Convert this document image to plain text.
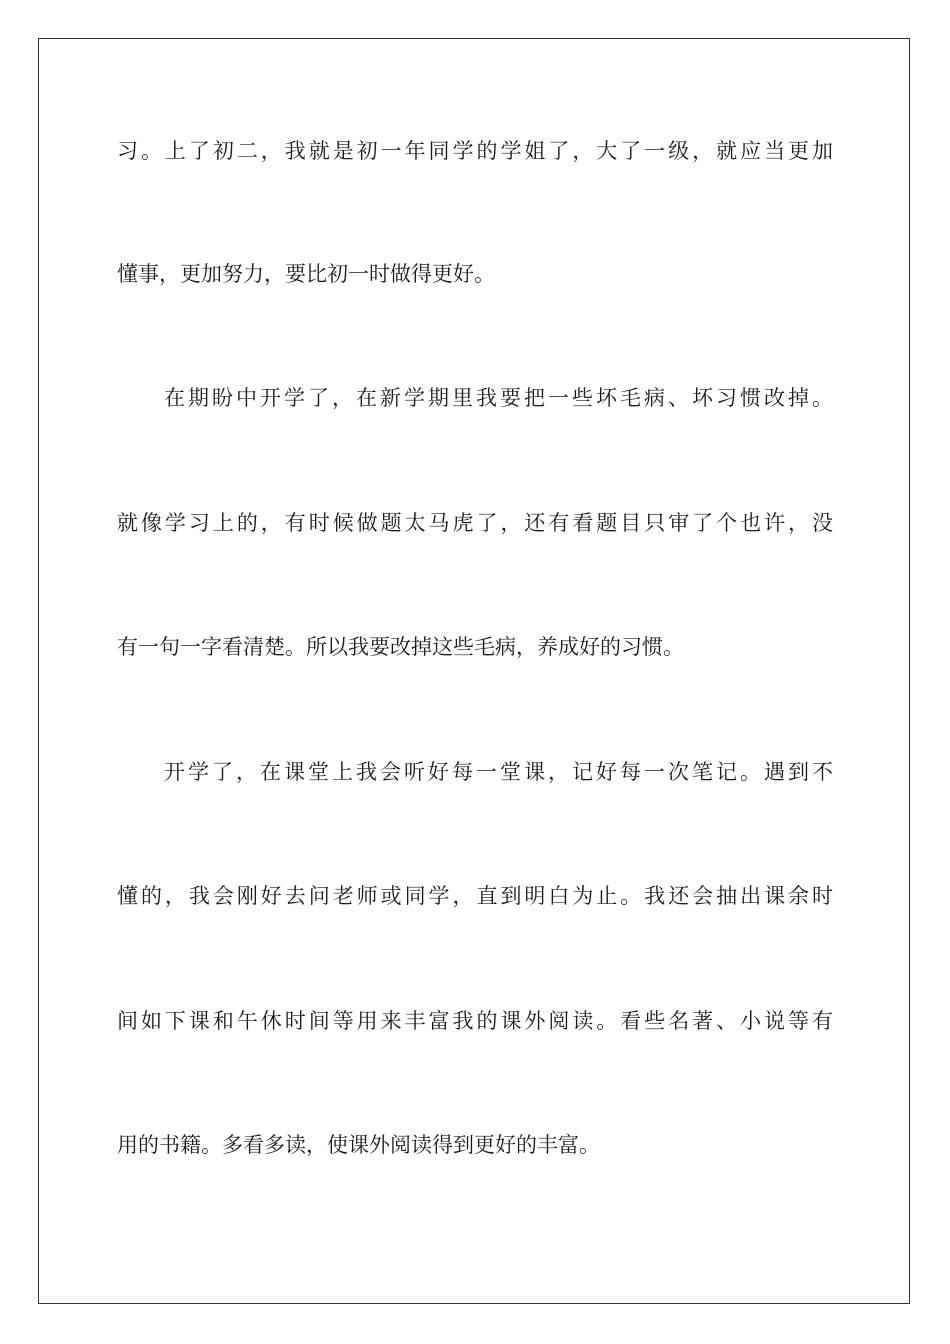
习。上了初二，我就是初一年同学的学姐了，大了一级，就应当更加
懂事，更加努力，要比初一时做得更好。
在期盼中开学了，在新学期里我要把一些坏毛病、坏习惯改掉。
就像学习上的，有时候做题太马虎了，还有看题目只审了个也许，没
有一句一字看清楚。所以我要改掉这些毛病，养成好的习惯。
开学了，在课堂上我会听好每一堂课，记好每一次笔记。遇到不
懂的，我会刚好去问老师或同学，直到明白为止。我还会抽出课余时
间如下课和午休时间等用来丰富我的课外阅读。看些名著、小说等有
用的书籍。多看多读，使课外阅读得到更好的丰富。
